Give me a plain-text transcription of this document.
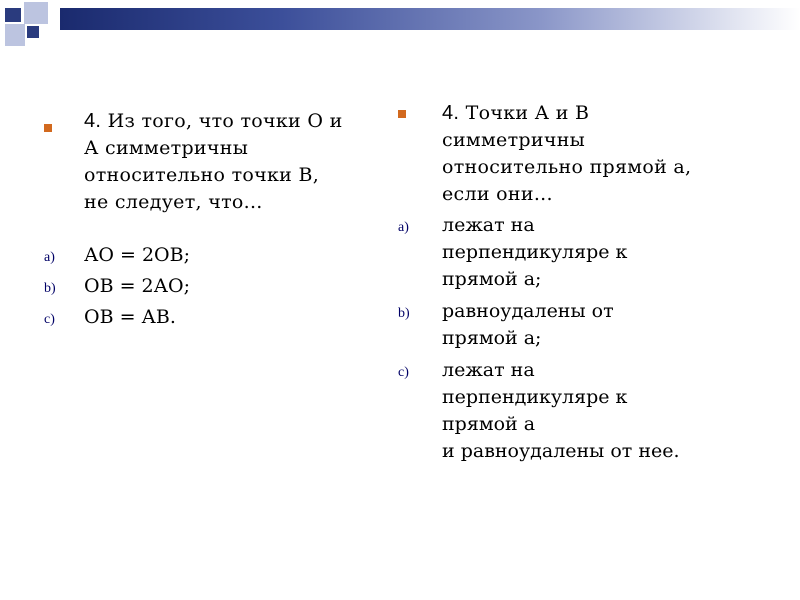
4. Из того, что точки О и
А симметричны
относительно точки В,
не следует, что...

a) АО = 2ОВ;
b) ОВ = 2АО;
c) ОВ = АВ.

4. Точки А и В
симметричны
относительно прямой а,
если они...

a) лежат на
перпендикуляре к
прямой а;
b) равноудалены от
прямой а;
c) лежат на
перпендикуляре к
прямой а
и равноудалены от нее.
